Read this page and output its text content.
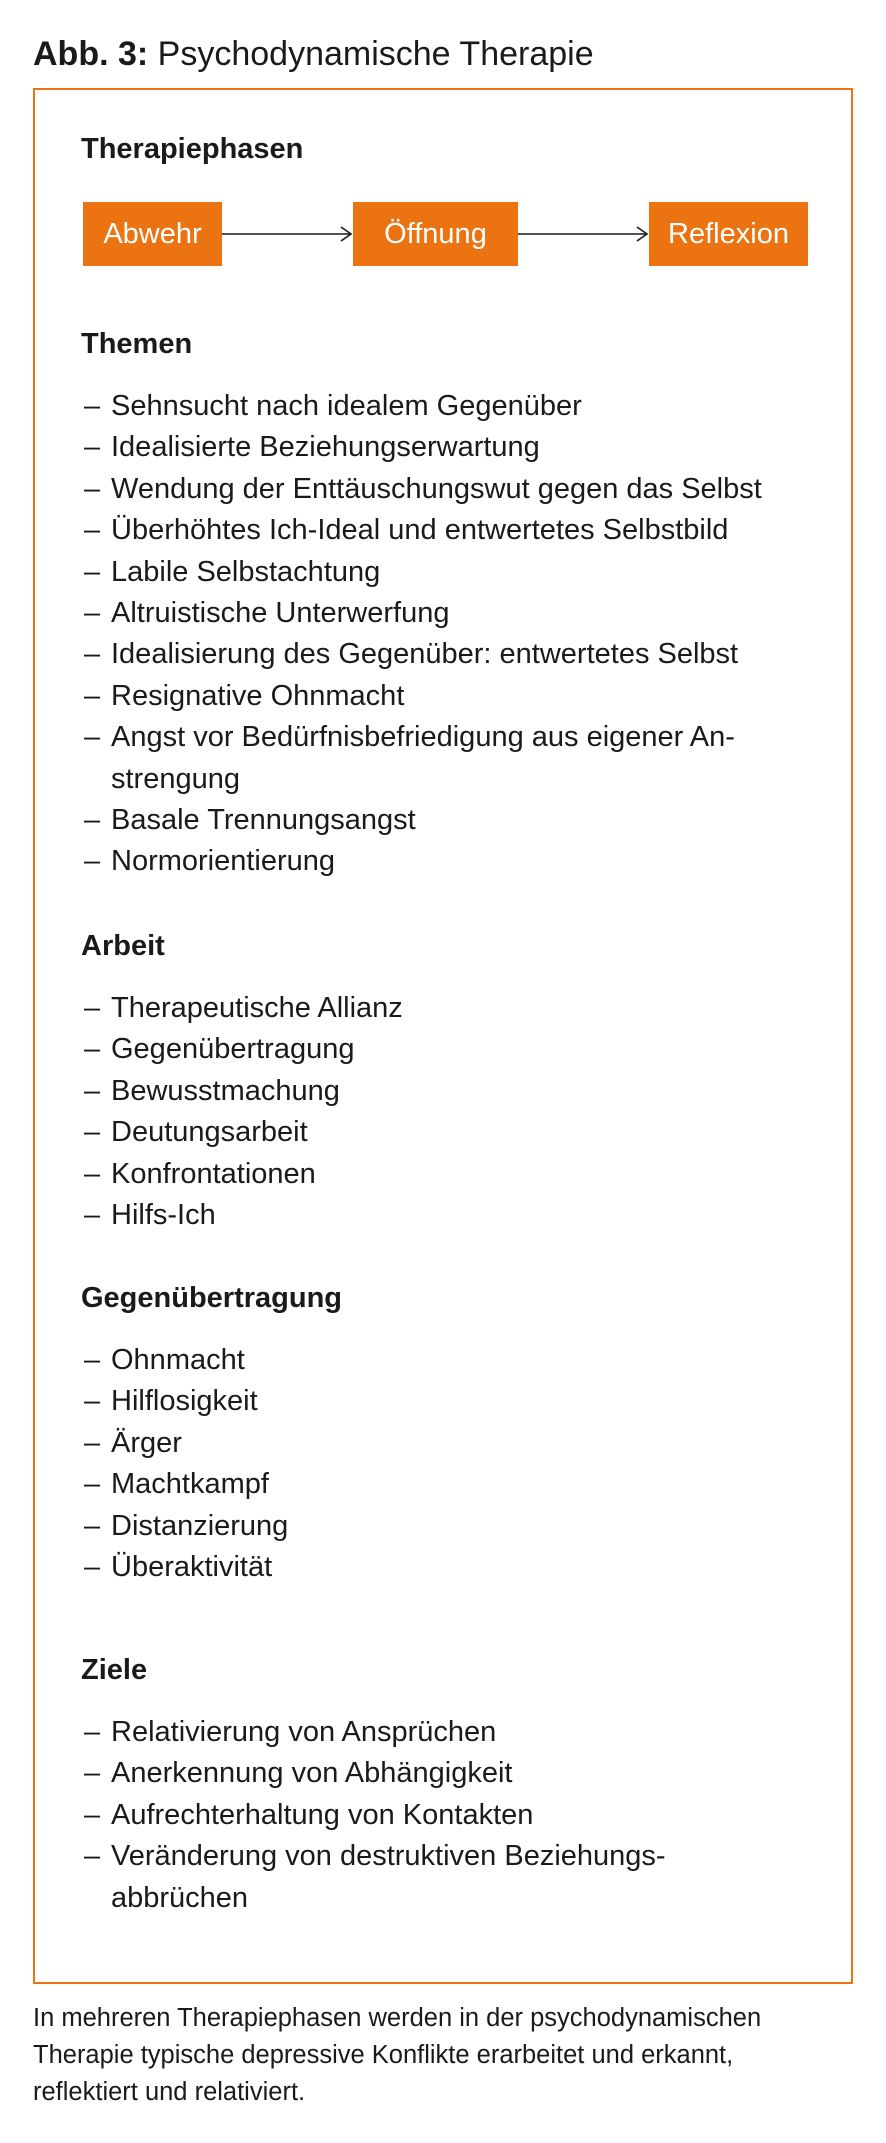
Abb. 3: Psychodynamische Therapie
Therapiephasen
Abwehr	Öffnung	Reflexion
Themen
– Sehnsucht nach idealem Gegenüber
– Idealisierte Beziehungserwartung
– Wendung der Enttäuschungswut gegen das Selbst
– Überhöhtes Ich-Ideal und entwertetes Selbstbild
– Labile Selbstachtung
– Altruistische Unterwerfung
– Idealisierung des Gegenüber: entwertetes Selbst
– Resignative Ohnmacht
– Angst vor Bedürfnisbefriedigung aus eigener An-
strengung
– Basale Trennungsangst
– Normorientierung
Arbeit
– Therapeutische Allianz
– Gegenübertragung
– Bewusstmachung
– Deutungsarbeit
– Konfrontationen
– Hilfs-Ich
Gegenübertragung
– Ohnmacht
– Hilflosigkeit
– Ärger
– Machtkampf
– Distanzierung
– Überaktivität
Ziele
– Relativierung von Ansprüchen
– Anerkennung von Abhängigkeit
– Aufrechterhaltung von Kontakten
– Veränderung von destruktiven Beziehungs-
abbrüchen
In mehreren Therapiephasen werden in der psychodynamischen
Therapie typische depressive Konflikte erarbeitet und erkannt,
reflektiert und relativiert.
